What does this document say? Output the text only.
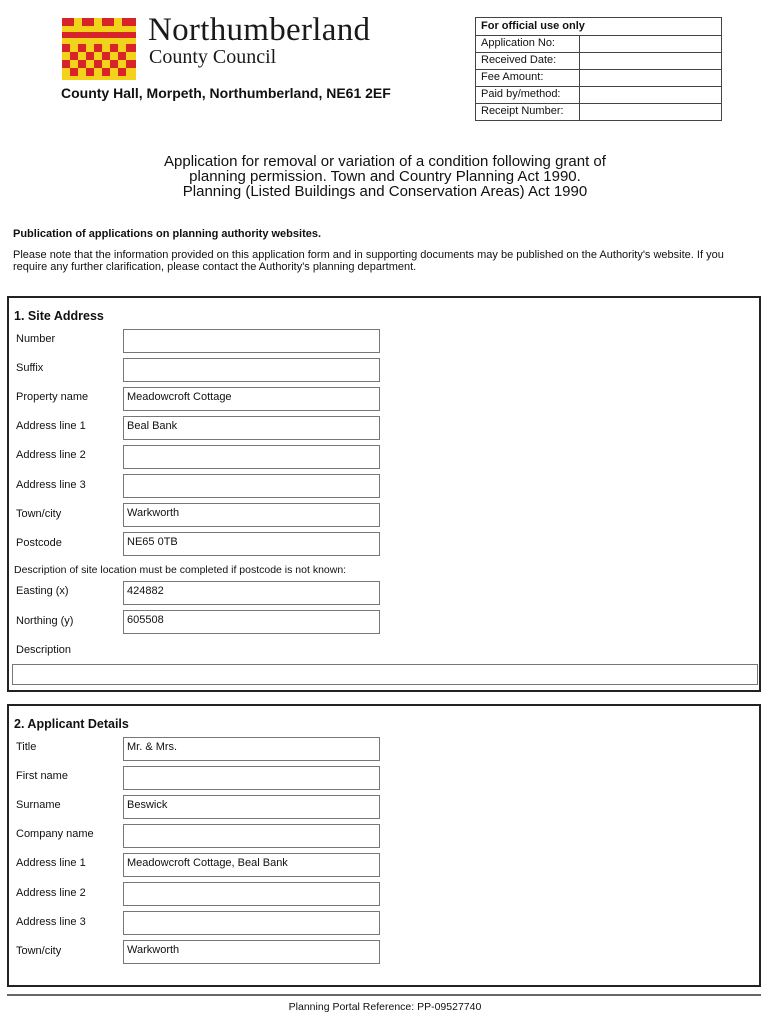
Northumberland
County Council
County Hall, Morpeth, Northumberland, NE61 2EF
For official use only
Application No:
Received Date:
Fee Amount:
Paid by/method:
Receipt Number:
Application for removal or variation of a condition following grant of
planning permission. Town and Country Planning Act 1990.
Planning (Listed Buildings and Conservation Areas) Act 1990
Publication of applications on planning authority websites.
Please note that the information provided on this application form and in supporting documents may be published on the Authority's website. If you require any further clarification, please contact the Authority's planning department.
1. Site Address
Number
Suffix
Property name	Meadowcroft Cottage
Address line 1	Beal Bank
Address line 2
Address line 3
Town/city	Warkworth
Postcode	NE65 0TB
Description of site location must be completed if postcode is not known:
Easting (x)	424882
Northing (y)	605508
Description
2. Applicant Details
Title	Mr. & Mrs.
First name
Surname	Beswick
Company name
Address line 1	Meadowcroft Cottage, Beal Bank
Address line 2
Address line 3
Town/city	Warkworth
Planning Portal Reference: PP-09527740
